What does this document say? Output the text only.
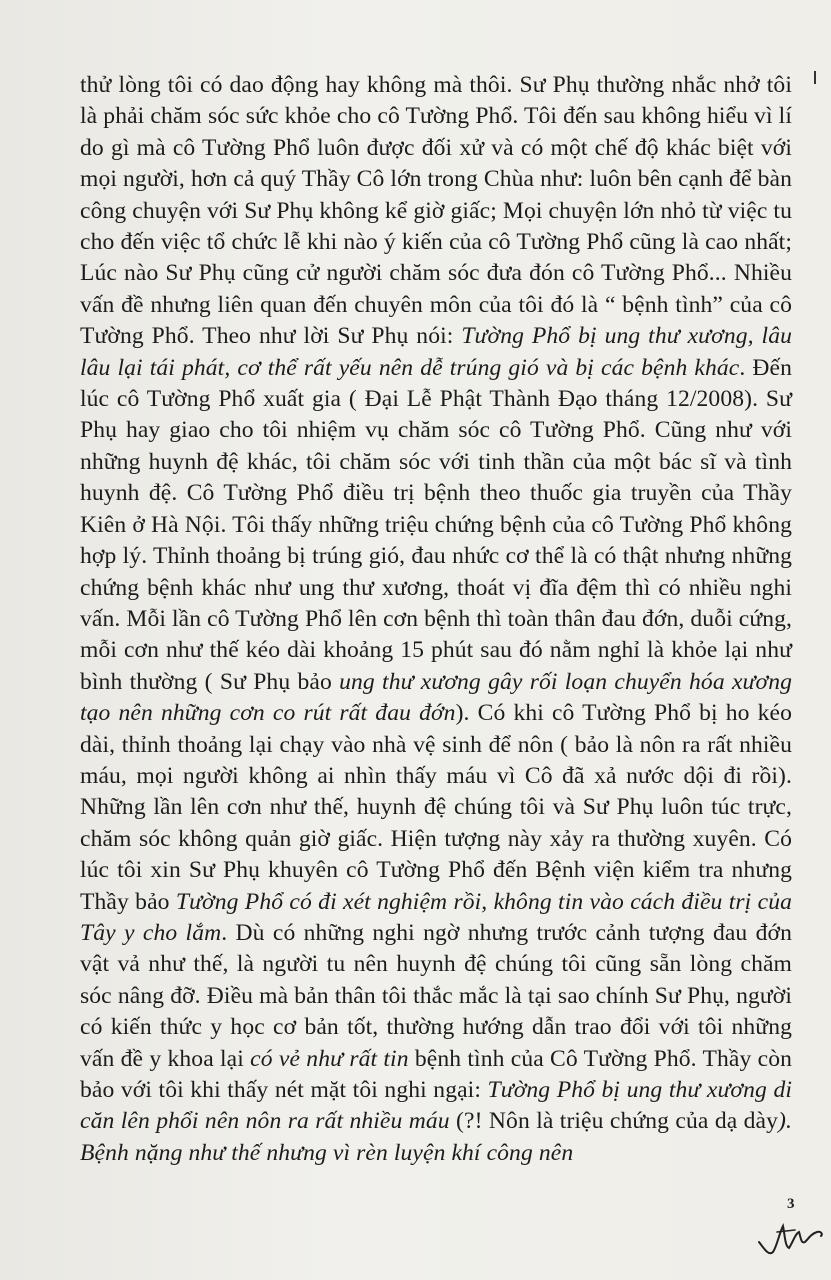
thử lòng tôi có dao động hay không mà thôi. Sư Phụ thường nhắc nhở tôi là phải chăm sóc sức khỏe cho cô Tường Phổ. Tôi đến sau không hiểu vì lí do gì mà cô Tường Phổ luôn được đối xử và có một chế độ khác biệt với mọi người, hơn cả quý Thầy Cô lớn trong Chùa như: luôn bên cạnh để bàn công chuyện với Sư Phụ không kể giờ giấc; Mọi chuyện lớn nhỏ từ việc tu cho đến việc tổ chức lễ khi nào ý kiến của cô Tường Phổ cũng là cao nhất; Lúc nào Sư Phụ cũng cử người chăm sóc đưa đón cô Tường Phổ... Nhiều vấn đề nhưng liên quan đến chuyên môn của tôi đó là “ bệnh tình” của cô Tường Phổ. Theo như lời Sư Phụ nói: Tường Phổ bị ung thư xương, lâu lâu lại tái phát, cơ thể rất yếu nên dễ trúng gió và bị các bệnh khác. Đến lúc cô Tường Phổ xuất gia ( Đại Lễ Phật Thành Đạo tháng 12/2008). Sư Phụ hay giao cho tôi nhiệm vụ chăm sóc cô Tường Phổ. Cũng như với những huynh đệ khác, tôi chăm sóc với tinh thần của một bác sĩ và tình huynh đệ. Cô Tường Phổ điều trị bệnh theo thuốc gia truyền của Thầy Kiên ở Hà Nội. Tôi thấy những triệu chứng bệnh của cô Tường Phổ không hợp lý. Thỉnh thoảng bị trúng gió, đau nhức cơ thể là có thật nhưng những chứng bệnh khác như ung thư xương, thoát vị đĩa đệm thì có nhiều nghi vấn. Mỗi lần cô Tường Phổ lên cơn bệnh thì toàn thân đau đớn, duỗi cứng, mỗi cơn như thế kéo dài khoảng 15 phút sau đó nằm nghỉ là khỏe lại như bình thường ( Sư Phụ bảo ung thư xương gây rối loạn chuyển hóa xương tạo nên những cơn co rút rất đau đớn). Có khi cô Tường Phổ bị ho kéo dài, thỉnh thoảng lại chạy vào nhà vệ sinh để nôn ( bảo là nôn ra rất nhiều máu, mọi người không ai nhìn thấy máu vì Cô đã xả nước dội đi rồi). Những lần lên cơn như thế, huynh đệ chúng tôi và Sư Phụ luôn túc trực, chăm sóc không quản giờ giấc. Hiện tượng này xảy ra thường xuyên. Có lúc tôi xin Sư Phụ khuyên cô Tường Phổ đến Bệnh viện kiểm tra nhưng Thầy bảo Tường Phổ có đi xét nghiệm rồi, không tin vào cách điều trị của Tây y cho lắm. Dù có những nghi ngờ nhưng trước cảnh tượng đau đớn vật vả như thế, là người tu nên huynh đệ chúng tôi cũng sẵn lòng chăm sóc nâng đỡ. Điều mà bản thân tôi thắc mắc là tại sao chính Sư Phụ, người có kiến thức y học cơ bản tốt, thường hướng dẫn trao đổi với tôi những vấn đề y khoa lại có vẻ như rất tin bệnh tình của Cô Tường Phổ. Thầy còn bảo với tôi khi thấy nét mặt tôi nghi ngại: Tường Phổ bị ung thư xương di căn lên phổi nên nôn ra rất nhiều máu (?! Nôn là triệu chứng của dạ dày). Bệnh nặng như thế nhưng vì rèn luyện khí công nên

3
